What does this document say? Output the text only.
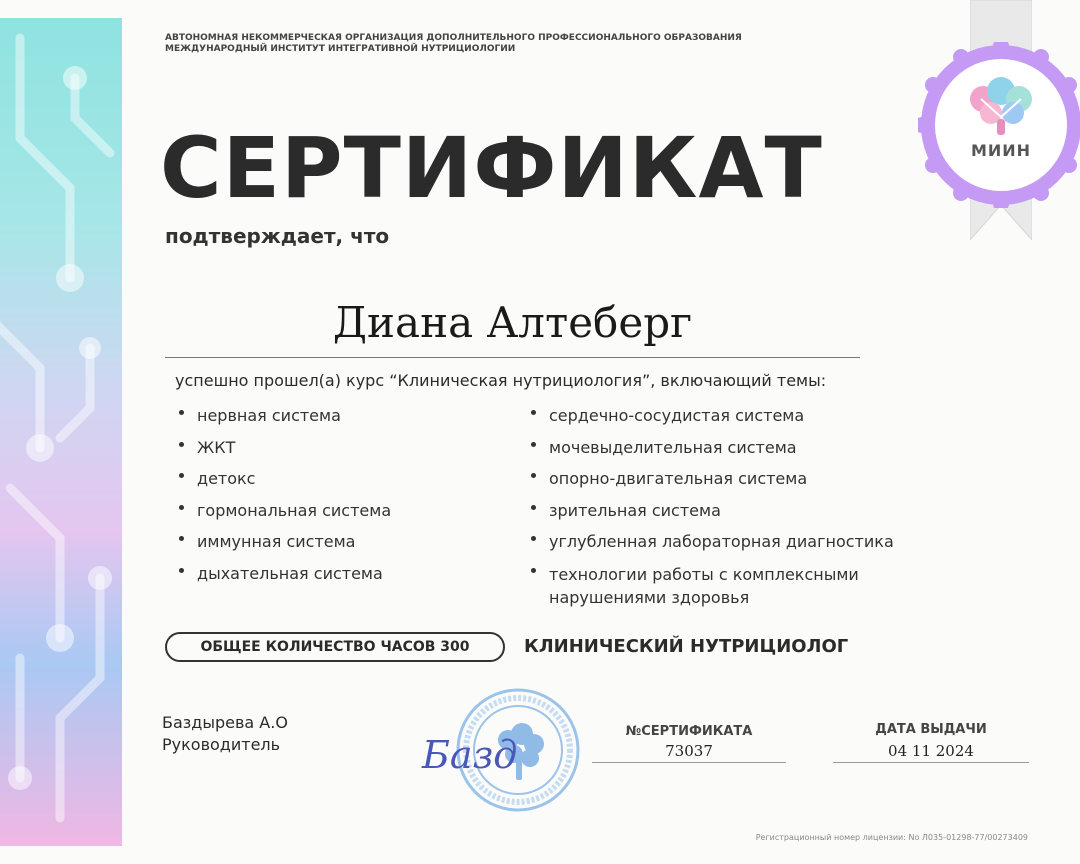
АВТОНОМНАЯ НЕКОММЕРЧЕСКАЯ ОРГАНИЗАЦИЯ ДОПОЛНИТЕЛЬНОГО ПРОФЕССИОНАЛЬНОГО ОБРАЗОВАНИЯ
МЕЖДУНАРОДНЫЙ ИНСТИТУТ ИНТЕГРАТИВНОЙ НУТРИЦИОЛОГИИ
СЕРТИФИКАТ
подтверждает, что
Диана Алтеберг
успешно прошел(а) курс “Клиническая нутрициология”, включающий темы:
нервная система
ЖКТ
детокс
гормональная система
иммунная система
дыхательная система
сердечно-сосудистая система
мочевыделительная система
опорно-двигательная система
зрительная система
углубленная лабораторная диагностика
технологии работы с комплексными нарушениями здоровья
ОБЩЕЕ КОЛИЧЕСТВО ЧАСОВ 300	КЛИНИЧЕСКИЙ НУТРИЦИОЛОГ
Баздырева А.О
Руководитель	Базд
№СЕРТИФИКАТА
73037
ДАТА ВЫДАЧИ
04 11 2024
Регистрационный номер лицензии: No Л035-01298-77/00273409
МИИН
